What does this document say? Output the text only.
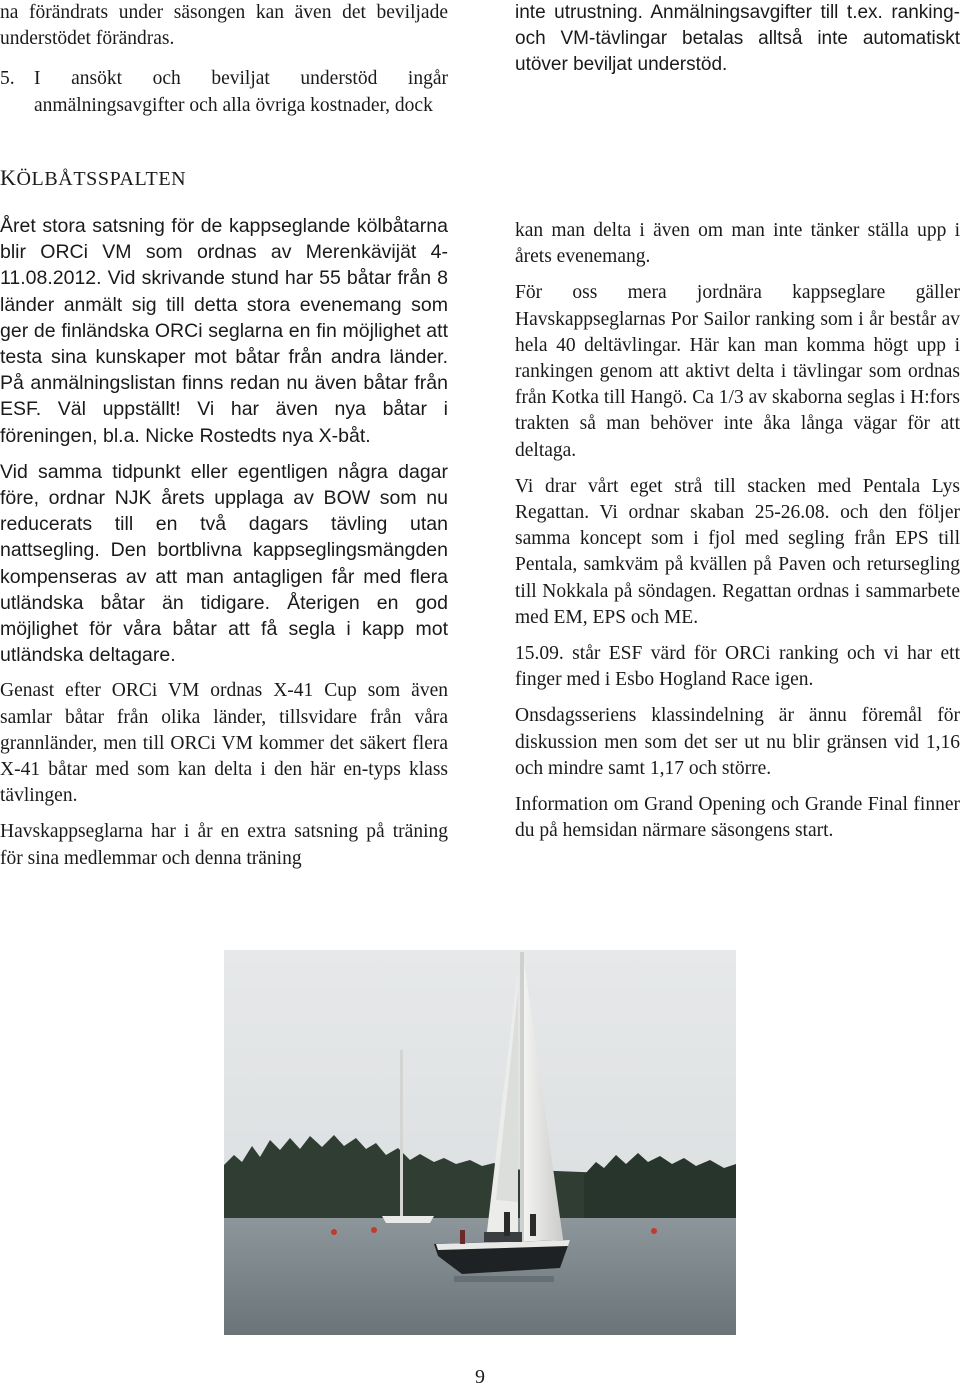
na förändrats under säsongen kan även det beviljade understödet förändras.

5. I ansökt och beviljat understöd ingår anmälningsavgifter och alla övriga kostnader, dock

inte utrustning. Anmälningsavgifter till t.ex. ranking- och VM-tävlingar betalas alltså inte automatiskt utöver beviljat understöd.

KÖLBÅTSSPALTEN

Året stora satsning för de kappseglande kölbåtarna blir ORCi VM som ordnas av Merenkävijät 4-11.08.2012. Vid skrivande stund har 55 båtar från 8 länder anmält sig till detta stora evenemang som ger de finländska ORCi seglarna en fin möjlighet att testa sina kunskaper mot båtar från andra länder. På anmälningslistan finns redan nu även båtar från ESF. Väl uppställt! Vi har även nya båtar i föreningen, bl.a. Nicke Rostedts nya X-båt.

Vid samma tidpunkt eller egentligen några dagar före, ordnar NJK årets upplaga av BOW som nu reducerats till en två dagars tävling utan nattsegling. Den bortblivna kappseglingsmängden kompenseras av att man antagligen får med flera utländska båtar än tidigare. Återigen en god möjlighet för våra båtar att få segla i kapp mot utländska deltagare.

Genast efter ORCi VM ordnas X-41 Cup som även samlar båtar från olika länder, tillsvidare från våra grannländer, men till ORCi VM kommer det säkert flera X-41 båtar med som kan delta i den här en-typs klass tävlingen.

Havskappseglarna har i år en extra satsning på träning för sina medlemmar och denna träning

kan man delta i även om man inte tänker ställa upp i årets evenemang.

För oss mera jordnära kappseglare gäller Havskappseglarnas Por Sailor ranking som i år består av hela 40 deltävlingar. Här kan man komma högt upp i rankingen genom att aktivt delta i tävlingar som ordnas från Kotka till Hangö. Ca 1/3 av skaborna seglas i H:fors trakten så man behöver inte åka långa vägar för att deltaga.

Vi drar vårt eget strå till stacken med Pentala Lys Regattan. Vi ordnar skaban 25-26.08. och den följer samma koncept som i fjol med segling från EPS till Pentala, samkväm på kvällen på Paven och retursegling till Nokkala på söndagen. Regattan ordnas i sammarbete med EM, EPS och ME.

15.09. står ESF värd för ORCi ranking och vi har ett finger med i Esbo Hogland Race igen.

Onsdagsseriens klassindelning är ännu föremål för diskussion men som det ser ut nu blir gränsen vid 1,16 och mindre samt 1,17 och större.

Information om Grand Opening och Grande Final finner du på hemsidan närmare säsongens start.

9
